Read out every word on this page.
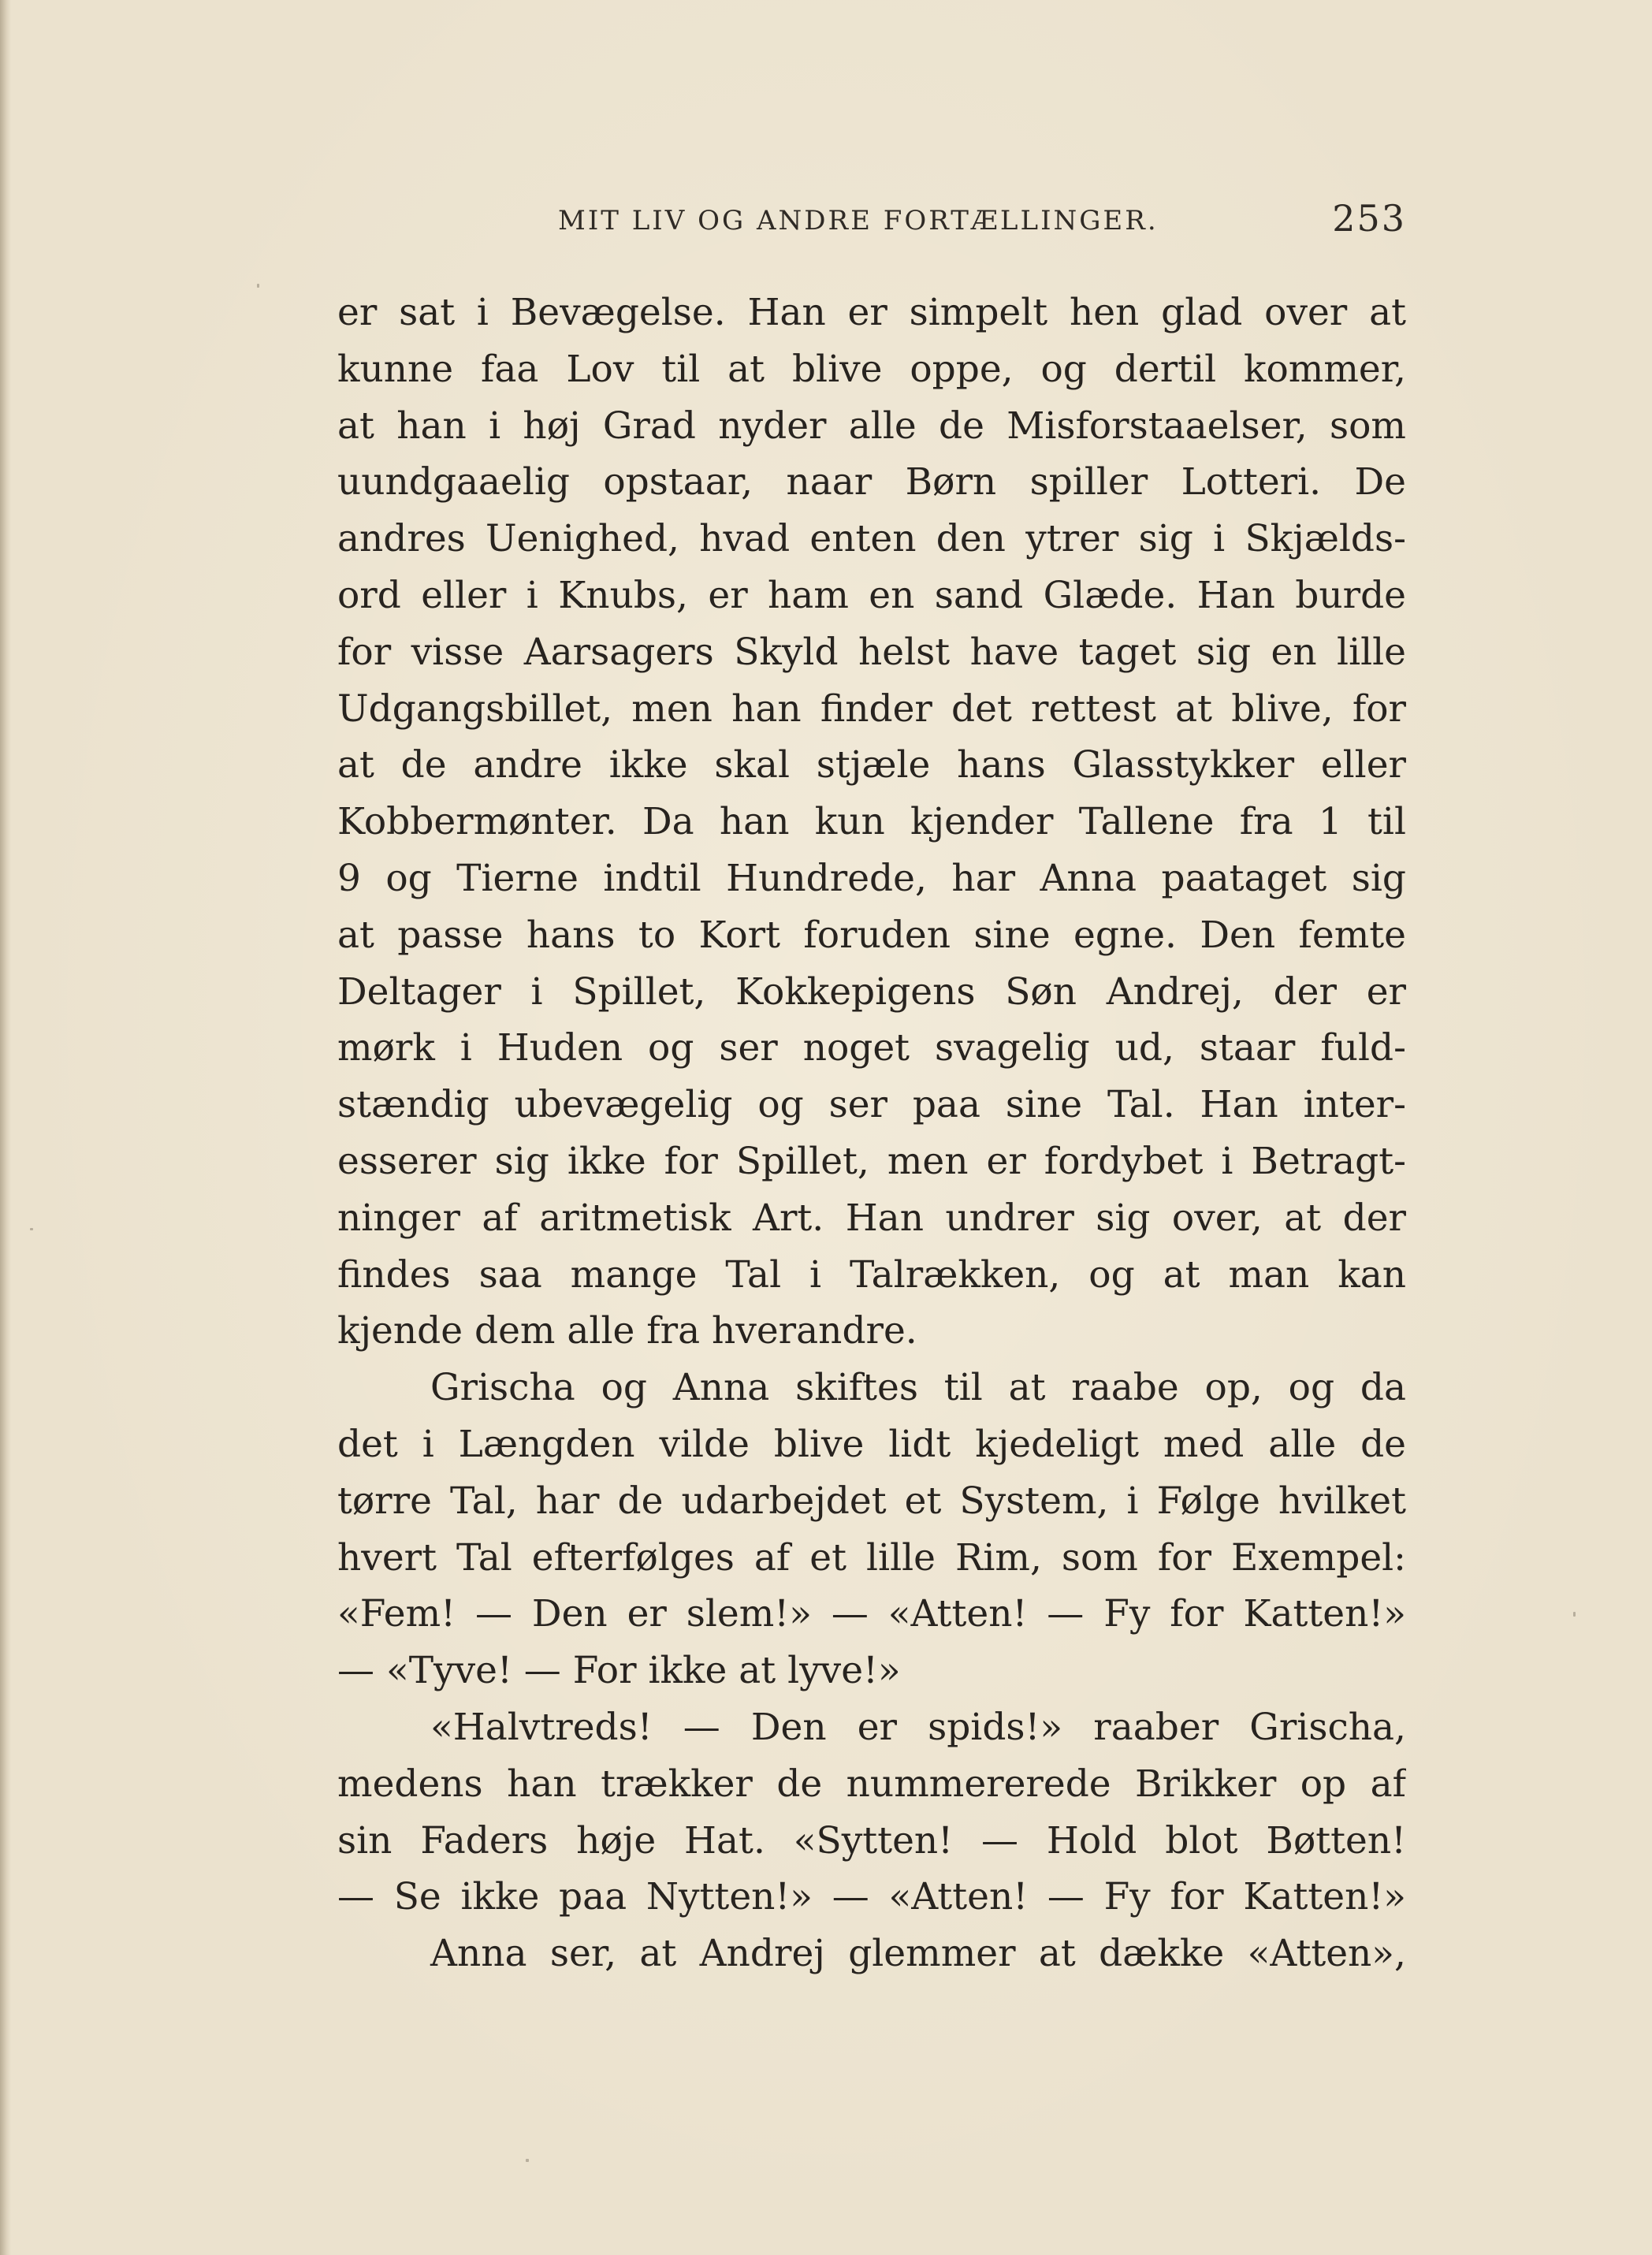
MIT LIV OG ANDRE FORTÆLLINGER.	253
er sat i Bevægelse. Han er simpelt hen glad over at
kunne faa Lov til at blive oppe, og dertil kommer,
at han i høj Grad nyder alle de Misforstaaelser, som
uundgaaelig opstaar, naar Børn spiller Lotteri. De
andres Uenighed, hvad enten den ytrer sig i Skjælds-
ord eller i Knubs, er ham en sand Glæde. Han burde
for visse Aarsagers Skyld helst have taget sig en lille
Udgangsbillet, men han finder det rettest at blive, for
at de andre ikke skal stjæle hans Glasstykker eller
Kobbermønter. Da han kun kjender Tallene fra 1 til
9 og Tierne indtil Hundrede, har Anna paataget sig
at passe hans to Kort foruden sine egne. Den femte
Deltager i Spillet, Kokkepigens Søn Andrej, der er
mørk i Huden og ser noget svagelig ud, staar fuld-
stændig ubevægelig og ser paa sine Tal. Han inter-
esserer sig ikke for Spillet, men er fordybet i Betragt-
ninger af aritmetisk Art. Han undrer sig over, at der
findes saa mange Tal i Talrækken, og at man kan
kjende dem alle fra hverandre.
Grischa og Anna skiftes til at raabe op, og da
det i Længden vilde blive lidt kjedeligt med alle de
tørre Tal, har de udarbejdet et System, i Følge hvilket
hvert Tal efterfølges af et lille Rim, som for Exempel:
«Fem! — Den er slem!» — «Atten! — Fy for Katten!»
— «Tyve! — For ikke at lyve!»
«Halvtreds! — Den er spids!» raaber Grischa,
medens han trækker de nummererede Brikker op af
sin Faders høje Hat. «Sytten! — Hold blot Bøtten!
— Se ikke paa Nytten!» — «Atten! — Fy for Katten!»
Anna ser, at Andrej glemmer at dække «Atten»,
